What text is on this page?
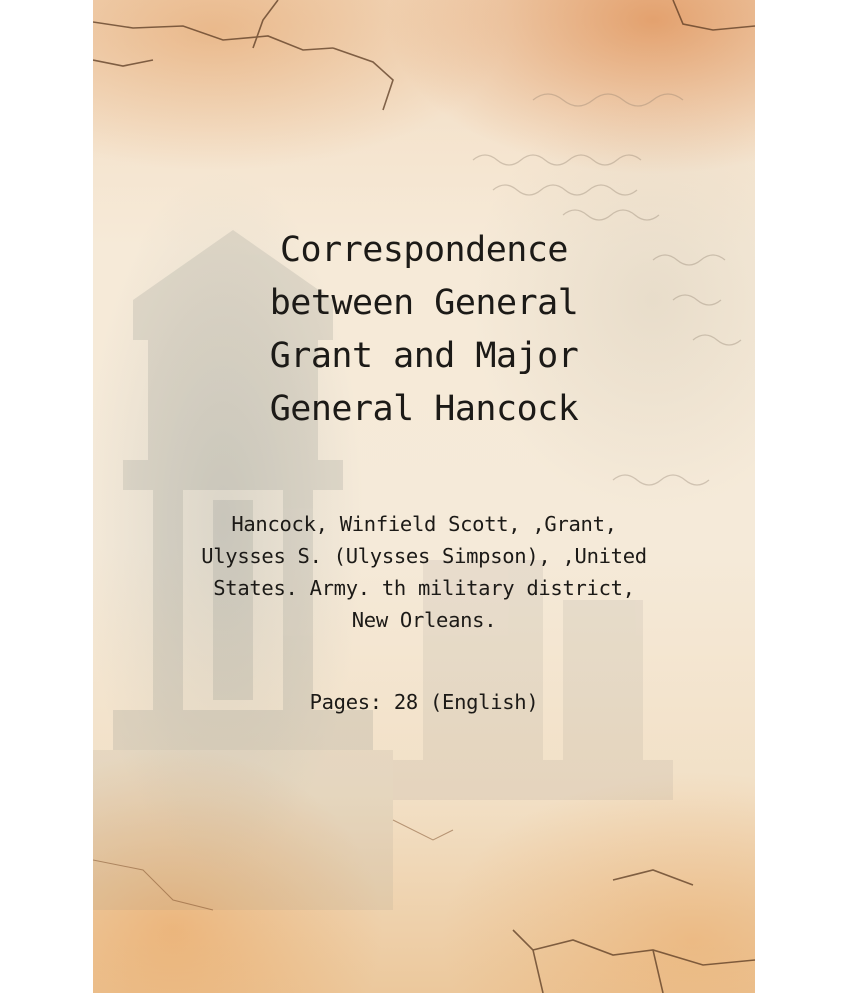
Correspondence
between General
Grant and Major
General Hancock
Hancock, Winfield Scott, ,Grant,
Ulysses S. (Ulysses Simpson), ,United
States. Army. th military district,
New Orleans.
Pages: 28 (English)
